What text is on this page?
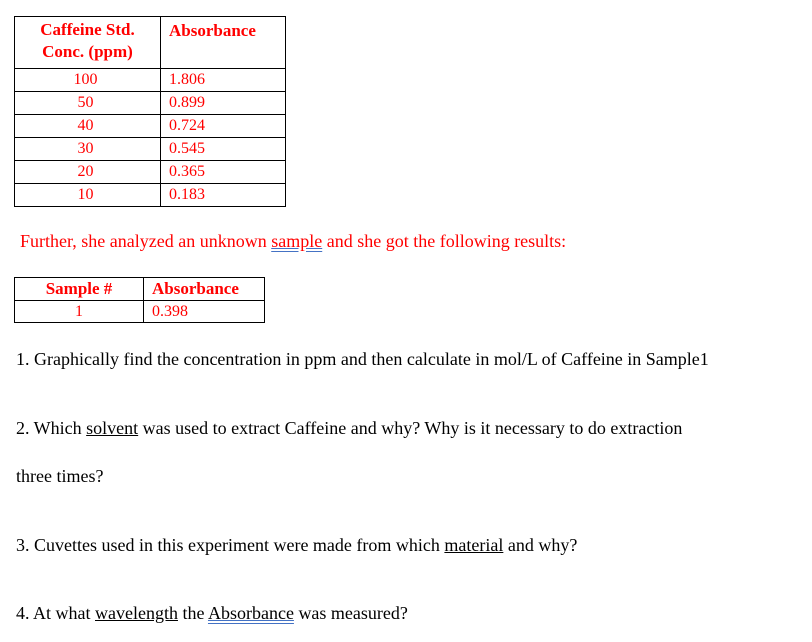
Caffeine Std.
Conc. (ppm)	Absorbance
100	1.806
50	0.899
40	0.724
30	0.545
20	0.365
10	0.183
Further, she analyzed an unknown sample and she got the following results:
Sample #	Absorbance
1	0.398
1. Graphically find the concentration in ppm and then calculate in mol/L of Caffeine in Sample1
2. Which solvent was used to extract Caffeine and why? Why is it necessary to do extraction
three times?
3. Cuvettes used in this experiment were made from which material and why?
4. At what wavelength the Absorbance was measured?
